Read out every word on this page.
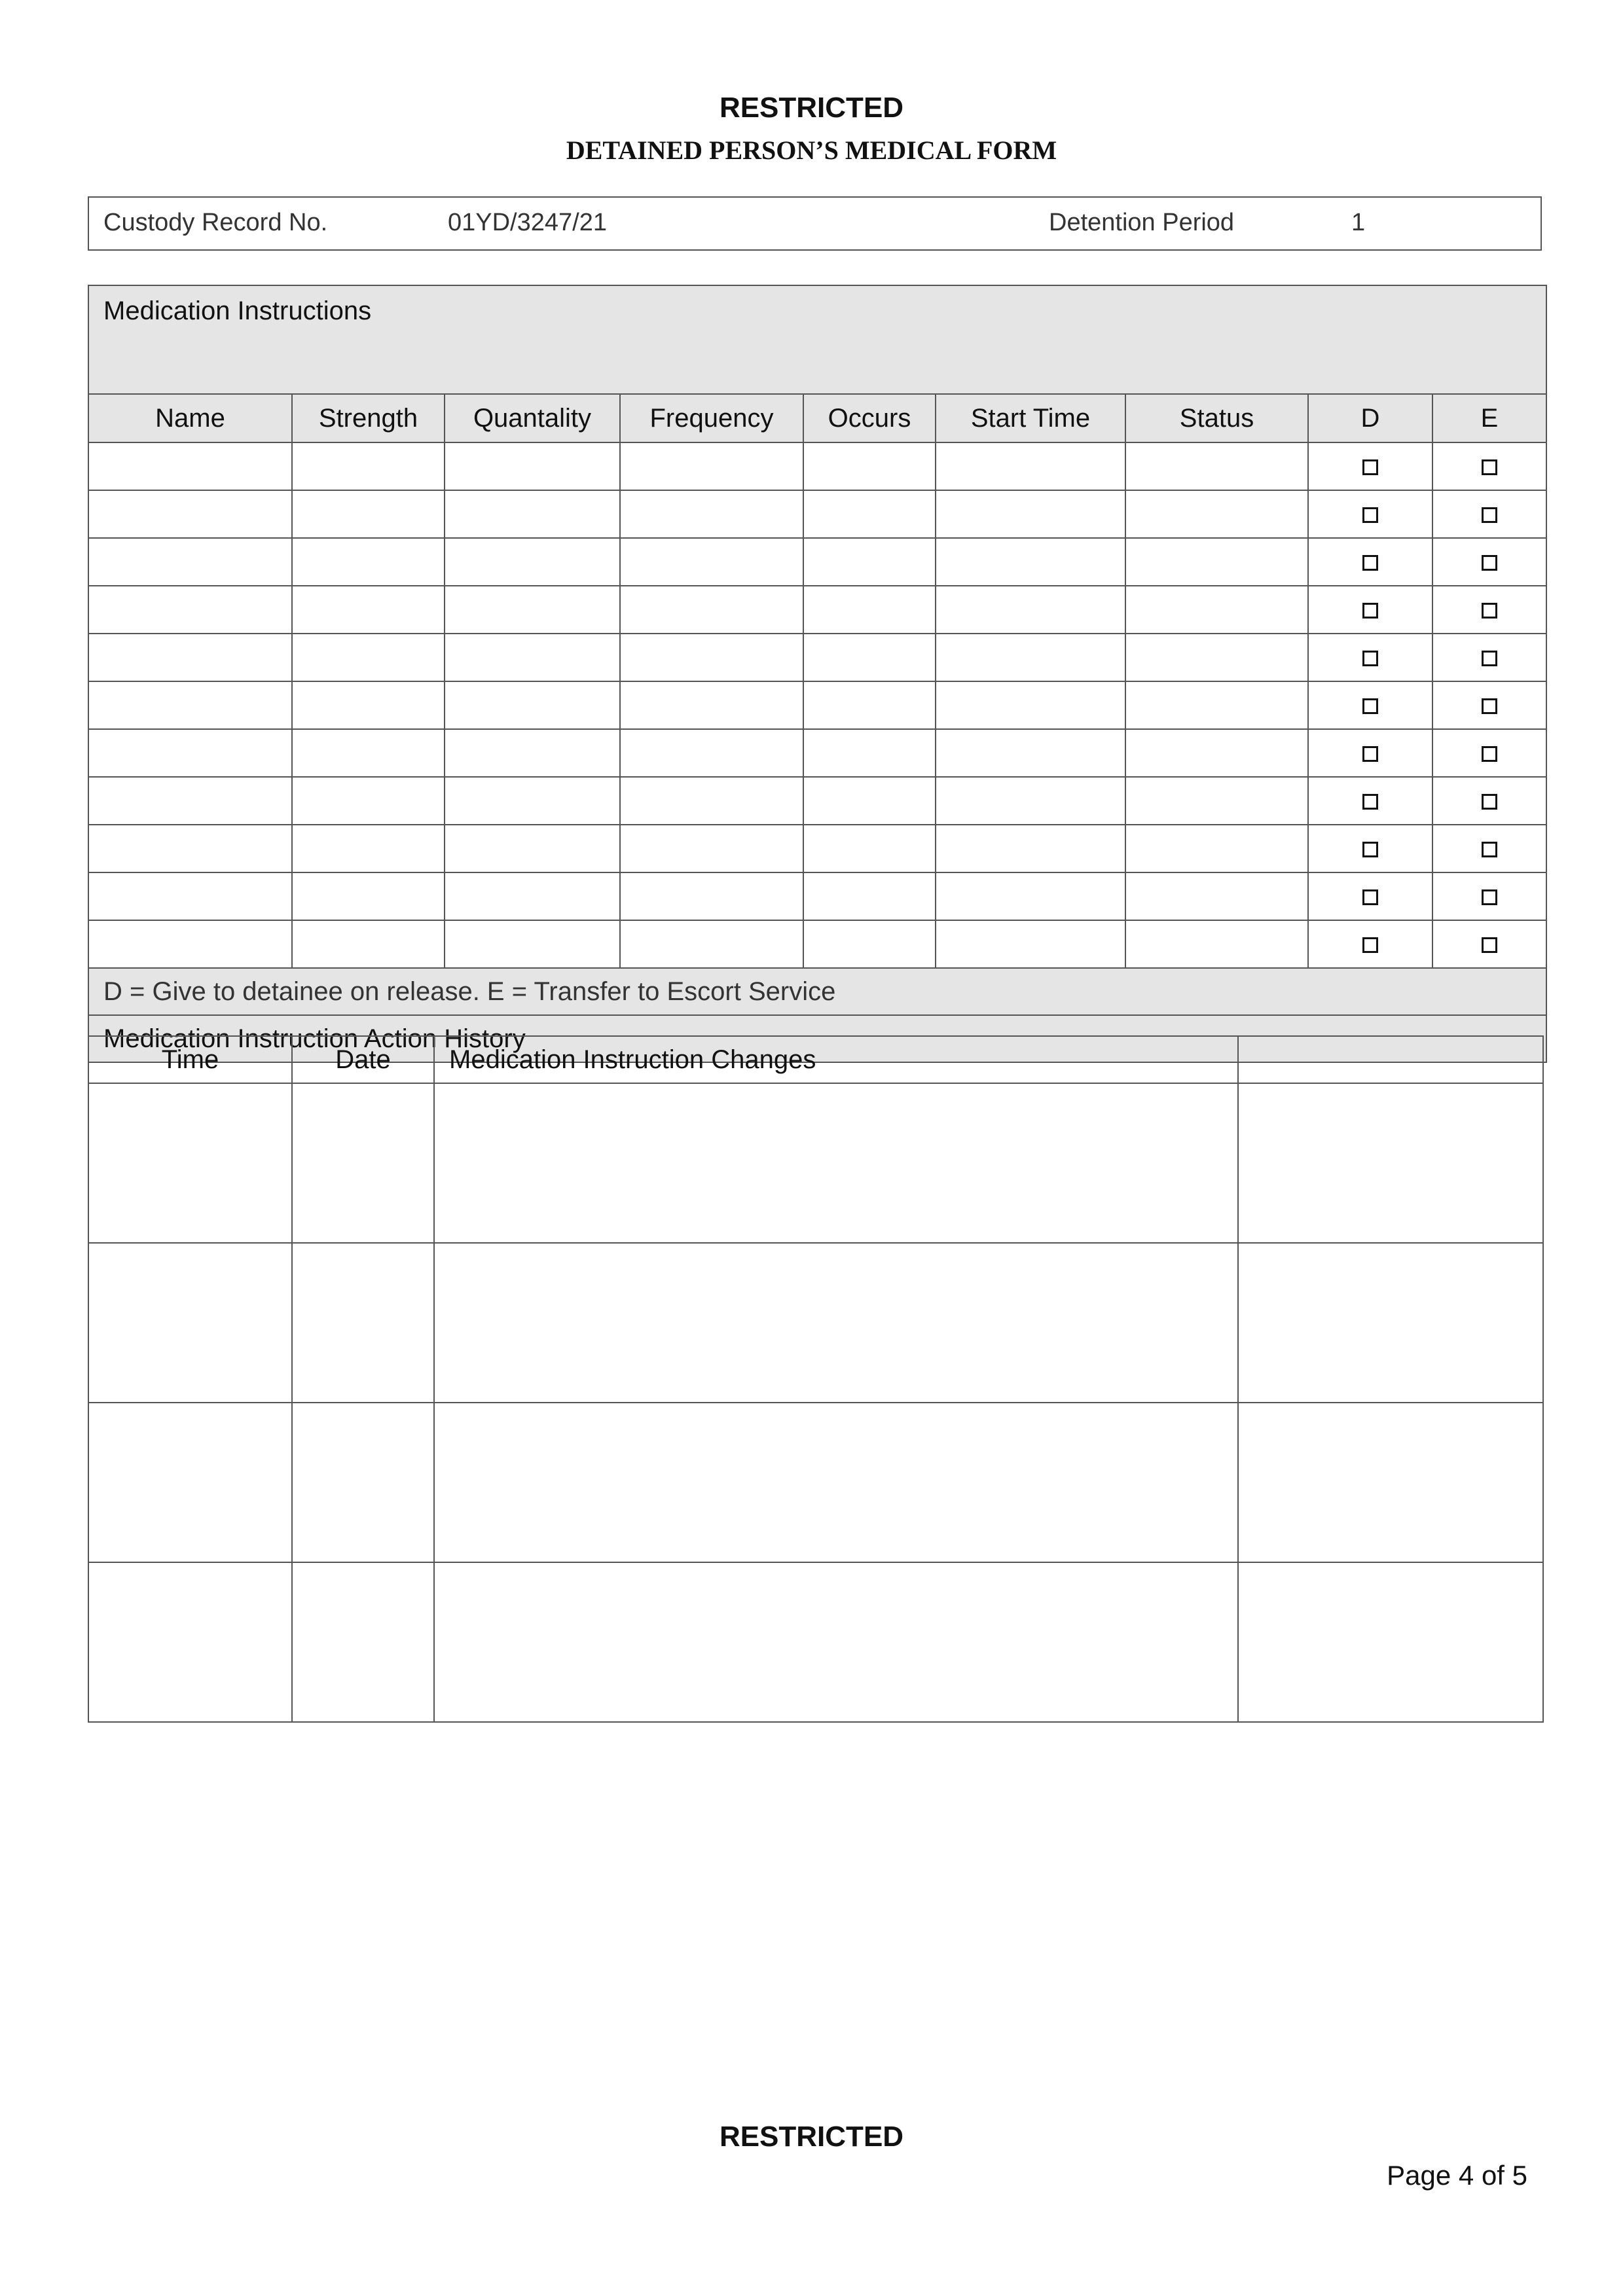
RESTRICTED
DETAINED PERSON’S MEDICAL FORM
Custody Record No.	01YD/3247/21	Detention Period	1
Medication Instructions								
Name	Strength	Quantality	Frequency	Occurs	Start Time	Status	D	E

D = Give to detainee on release. E = Transfer to Escort Service								
Medication Instruction Action History								
Time	Date	Medication Instruction Changes	

RESTRICTED
Page 4 of 5
